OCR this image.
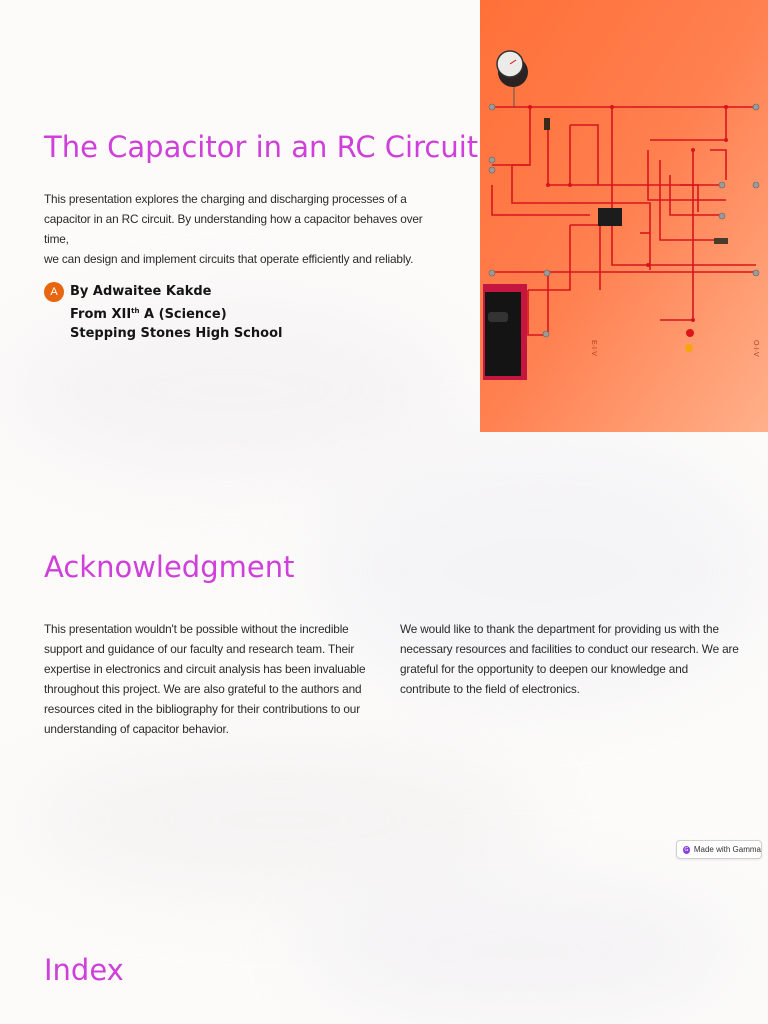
The Capacitor in an RC Circuit

This presentation explores the charging and discharging processes of a
capacitor in an RC circuit. By understanding how a capacitor behaves over time,
we can design and implement circuits that operate efficiently and reliably.

A By Adwaitee Kakde
From XIIth A (Science)
Stepping Stones High School
E·I·V	O·I·V
Acknowledgment

This presentation wouldn't be possible without the incredible
support and guidance of our faculty and research team. Their
expertise in electronics and circuit analysis has been invaluable
throughout this project. We are also grateful to the authors and
resources cited in the bibliography for their contributions to our
understanding of capacitor behavior.

We would like to thank the department for providing us with the
necessary resources and facilities to conduct our research. We are
grateful for the opportunity to deepen our knowledge and
contribute to the field of electronics.

G Made with Gamma
Index
